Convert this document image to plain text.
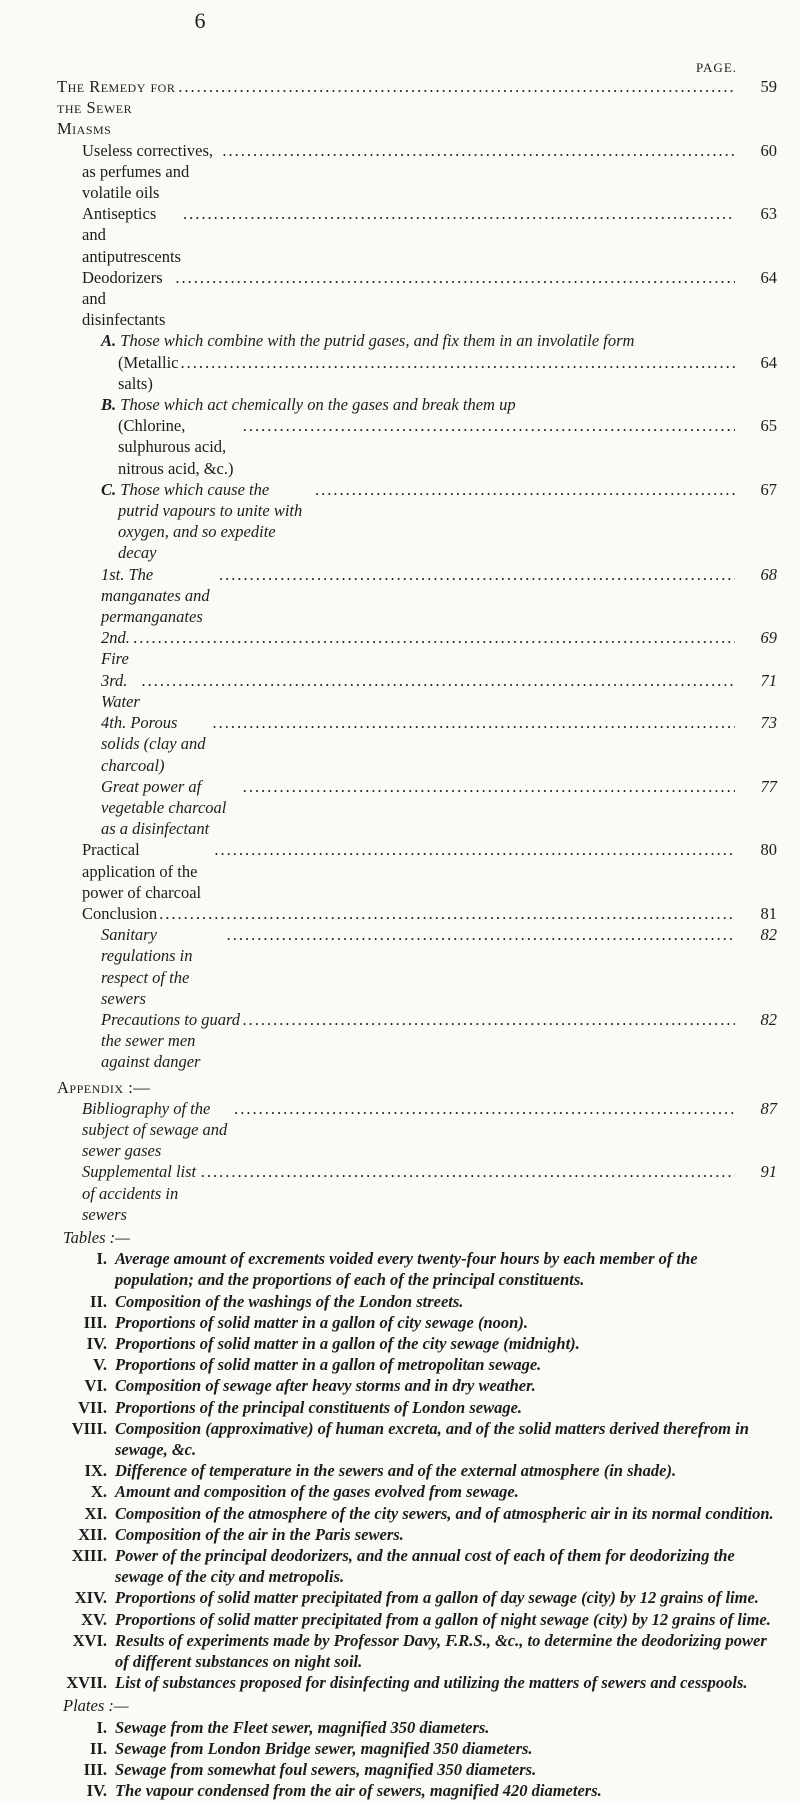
6
PAGE.
The Remedy for the Sewer Miasms
.....
59
Useless correctives, as perfumes and volatile oils
.....
60
Antiseptics and antiputrescents
.....
63
Deodorizers and disinfectants
.....
64
A. Those which combine with the putrid gases, and fix them in an involatile form
(Metallic salts)
.....
64
B. Those which act chemically on the gases and break them up
(Chlorine, sulphurous acid, nitrous acid, &c.)
.....
65
C. Those which cause the putrid vapours to unite with oxygen, and so expedite decay
.....
67
1st. The manganates and permanganates
.....
68
2nd. Fire
.....
69
3rd. Water
.....
71
4th. Porous solids (clay and charcoal)
.....
73
Great power af vegetable charcoal as a disinfectant
.....
77
Practical application of the power of charcoal
.....
80
Conclusion
.....	81
Sanitary regulations in respect of the sewers
.....
82
Precautions to guard the sewer men against danger
.....
82
Appendix :—
Bibliography of the subject of sewage and sewer gases
.....
87
Supplemental list of accidents in sewers
.....
91
Tables :—
I. Average amount of excrements voided every twenty-four hours by each member of the population; and the proportions of each of the principal constituents.
II. Composition of the washings of the London streets.
III. Proportions of solid matter in a gallon of city sewage (noon).
IV. Proportions of solid matter in a gallon of the city sewage (midnight).
V. Proportions of solid matter in a gallon of metropolitan sewage.
VI. Composition of sewage after heavy storms and in dry weather.
VII. Proportions of the principal constituents of London sewage.
VIII. Composition (approximative) of human excreta, and of the solid matters derived therefrom in sewage, &c.
IX. Difference of temperature in the sewers and of the external atmosphere (in shade).
X. Amount and composition of the gases evolved from sewage.
XI. Composition of the atmosphere of the city sewers, and of atmospheric air in its normal condition.
XII. Composition of the air in the Paris sewers.
XIII. Power of the principal deodorizers, and the annual cost of each of them for deodorizing the sewage of the city and metropolis.
XIV. Proportions of solid matter precipitated from a gallon of day sewage (city) by 12 grains of lime.
XV. Proportions of solid matter precipitated from a gallon of night sewage (city) by 12 grains of lime.
XVI. Results of experiments made by Professor Davy, F.R.S., &c., to determine the deodorizing power of different substances on night soil.
XVII. List of substances proposed for disinfecting and utilizing the matters of sewers and cesspools.
Plates :—
I. Sewage from the Fleet sewer, magnified 350 diameters.
II. Sewage from London Bridge sewer, magnified 350 diameters.
III. Sewage from somewhat foul sewers, magnified 350 diameters.
IV. The vapour condensed from the air of sewers, magnified 420 diameters.
